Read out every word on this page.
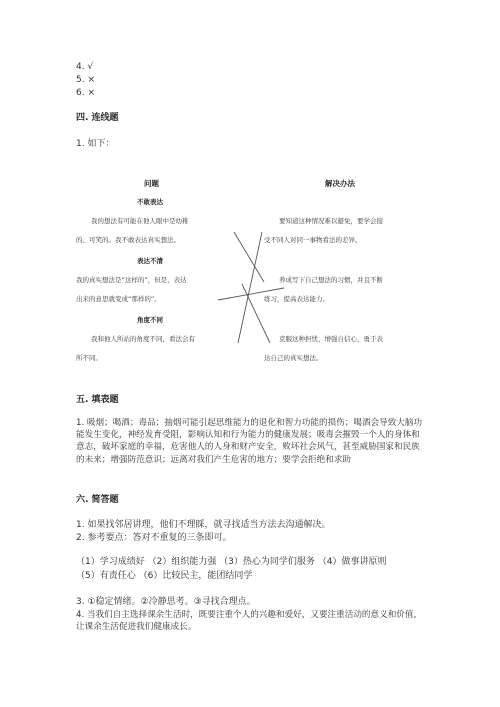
4. √
5. ×
6. ×
四. 连线题
1. 如下：
问题	解决办法
不敢表达
我的想法有可能在他人眼中是幼稚
的、可笑的。我不敢表达真实想法。
表达不清
我的真实想法是“这样的”，但是、表达
出来的意思就变成“那样的”。
角度不同
我和他人所站的角度不同，看法会有
所不同。
要知道这种情况难以避免，要学会接
受不同人对同一事物看法的差异。
养成写下自己想法的习惯，并且不断
练习，提高表达能力。
克服这种担忧，增强自信心，勇于表
达自己的真实想法。
五. 填表题
1. 吸烟；喝酒；毒品；抽烟可能引起思维能力的退化和智力功能的损伤；喝酒会导致大脑功能发生变化，神经发育受阻，影响认知和行为能力的健康发展；吸毒会摧毁一个人的身体和意志，破坏家庭的幸福，危害他人的人身和财产安全，败坏社会风气，甚至威胁国家和民族的未来；增强防范意识；远离对我们产生危害的地方；要学会拒绝和求助
六. 简答题
1. 如果找邻居讲理，他们不理睬，就寻找适当方法去沟通解决。
2. 参考要点：答对不重复的三条即可。
（1）学习成绩好 （2）组织能力强 （3）热心为同学们服务 （4）做事讲原则
（5）有责任心 （6）比较民主，能团结同学
3. ①稳定情绪。②冷静思考。③寻找合理点。
4. 当我们自主选择课余生活时，既要注重个人的兴趣和爱好，又要注重活动的意义和价值，让课余生活促进我们健康成长。
